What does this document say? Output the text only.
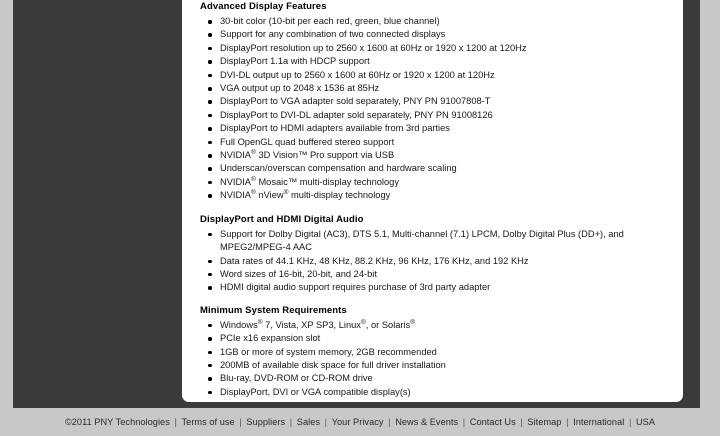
Advanced Display Features
30-bit color (10-bit per each red, green, blue channel)
Support for any combination of two connected displays
DisplayPort resolution up to 2560 x 1600 at 60Hz or 1920 x 1200 at 120Hz
DisplayPort 1.1a with HDCP support
DVI-DL output up to 2560 x 1600 at 60Hz or 1920 x 1200 at 120Hz
VGA output up to 2048 x 1536 at 85Hz
DisplayPort to VGA adapter sold separately, PNY PN 91007808-T
DisplayPort to DVI-DL adapter sold separately, PNY PN 91008126
DisplayPort to HDMI adapters available from 3rd parties
Full OpenGL quad buffered stereo support
NVIDIA® 3D Vision™ Pro support via USB
Underscan/overscan compensation and hardware scaling
NVIDIA® Mosaic™ multi-display technology
NVIDIA® nView® multi-display technology
DisplayPort and HDMI Digital Audio
Support for Dolby Digital (AC3), DTS 5.1, Multi-channel (7.1) LPCM, Dolby Digital Plus (DD+), and MPEG2/MPEG-4 AAC
Data rates of 44.1 KHz, 48 KHz, 88.2 KHz, 96 KHz, 176 KHz, and 192 KHz
Word sizes of 16-bit, 20-bit, and 24-bit
HDMI digital audio support requires purchase of 3rd party adapter
Minimum System Requirements
Windows® 7, Vista, XP SP3, Linux®, or Solaris®
PCIe x16 expansion slot
1GB or more of system memory, 2GB recommended
200MB of available disk space for full driver installation
Blu-ray, DVD-ROM or CD-ROM drive
DisplayPort, DVI or VGA compatible display(s)
©2011 PNY Technologies | Terms of use | Suppliers | Sales | Your Privacy | News & Events | Contact Us | Sitemap | International | USA
